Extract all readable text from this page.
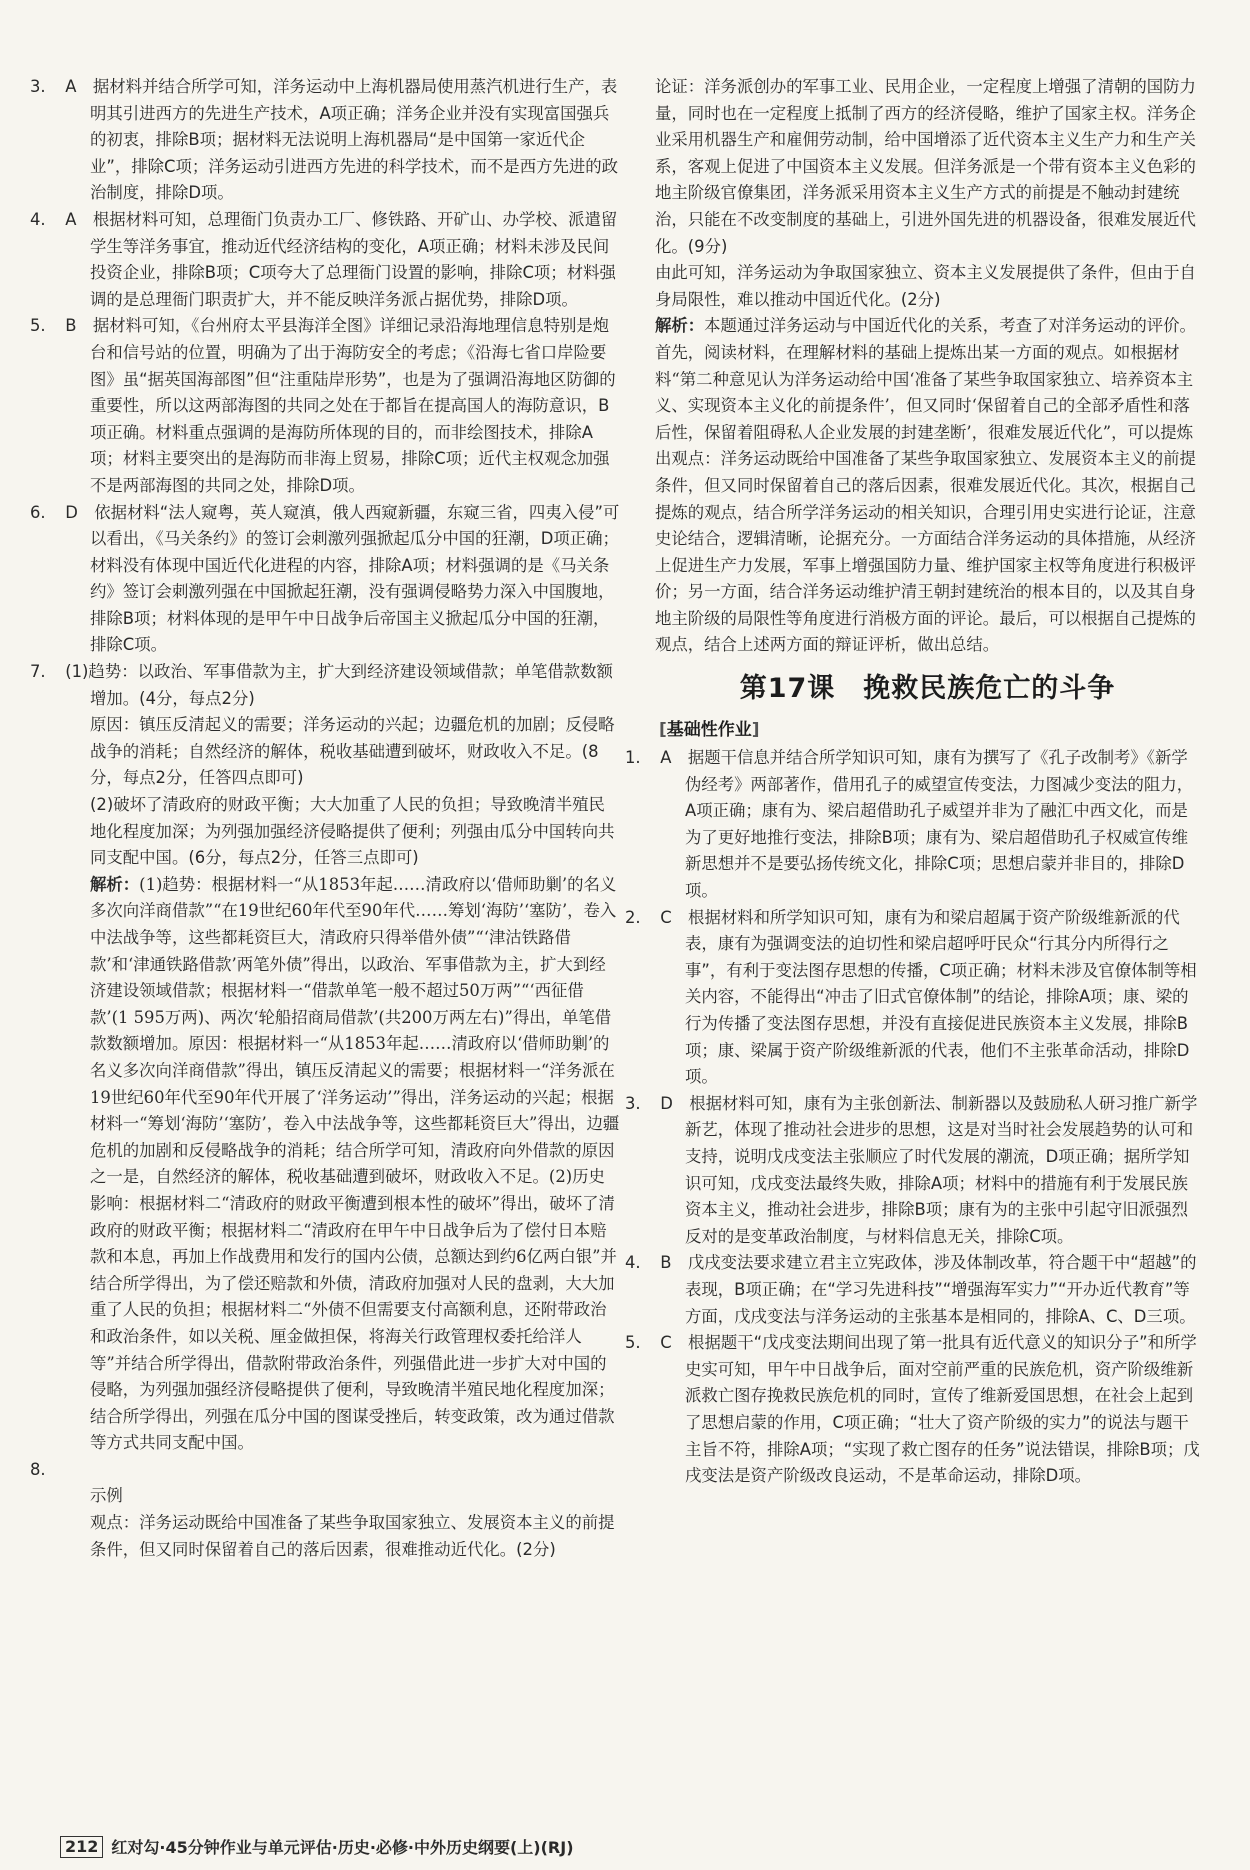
3. A　据材料并结合所学可知，洋务运动中上海机器局使用蒸汽机进行生产，表明其引进西方的先进生产技术，A项正确；洋务企业并没有实现富国强兵的初衷，排除B项；据材料无法说明上海机器局“是中国第一家近代企业”，排除C项；洋务运动引进西方先进的科学技术，而不是西方先进的政治制度，排除D项。
4. A　根据材料可知，总理衙门负责办工厂、修铁路、开矿山、办学校、派遣留学生等洋务事宜，推动近代经济结构的变化，A项正确；材料未涉及民间投资企业，排除B项；C项夸大了总理衙门设置的影响，排除C项；材料强调的是总理衙门职责扩大，并不能反映洋务派占据优势，排除D项。
5. B　据材料可知，《台州府太平县海洋全图》详细记录沿海地理信息特别是炮台和信号站的位置，明确为了出于海防安全的考虑；《沿海七省口岸险要图》虽“据英国海部图”但“注重陆岸形势”，也是为了强调沿海地区防御的重要性，所以这两部海图的共同之处在于都旨在提高国人的海防意识，B项正确。材料重点强调的是海防所体现的目的，而非绘图技术，排除A项；材料主要突出的是海防而非海上贸易，排除C项；近代主权观念加强不是两部海图的共同之处，排除D项。
6. D　依据材料“法人窥粤，英人窥滇，俄人西窥新疆，东窥三省，四夷入侵”可以看出，《马关条约》的签订会刺激列强掀起瓜分中国的狂潮，D项正确；材料没有体现中国近代化进程的内容，排除A项；材料强调的是《马关条约》签订会刺激列强在中国掀起狂潮，没有强调侵略势力深入中国腹地，排除B项；材料体现的是甲午中日战争后帝国主义掀起瓜分中国的狂潮，排除C项。

7. (1)趋势：以政治、军事借款为主，扩大到经济建设领域借款；单笔借款数额增加。(4分，每点2分)

原因：镇压反清起义的需要；洋务运动的兴起；边疆危机的加剧；反侵略战争的消耗；自然经济的解体，税收基础遭到破坏，财政收入不足。(8分，每点2分，任答四点即可)

(2)破坏了清政府的财政平衡；大大加重了人民的负担；导致晚清半殖民地化程度加深；为列强加强经济侵略提供了便利；列强由瓜分中国转向共同支配中国。(6分，每点2分，任答三点即可)

解析：(1)趋势：根据材料一“从1853年起……清政府以‘借师助剿’的名义多次向洋商借款”“在19世纪60年代至90年代……筹划‘海防’‘塞防’，卷入中法战争等，这些都耗资巨大，清政府只得举借外债”“‘津沽铁路借款’和‘津通铁路借款’两笔外债”得出，以政治、军事借款为主，扩大到经济建设领域借款；根据材料一“借款单笔一般不超过50万两”“‘西征借款’(1 595万两)、两次‘轮船招商局借款’(共200万两左右)”得出，单笔借款数额增加。原因：根据材料一“从1853年起……清政府以‘借师助剿’的名义多次向洋商借款”得出，镇压反清起义的需要；根据材料一“洋务派在19世纪60年代至90年代开展了‘洋务运动’”得出，洋务运动的兴起；根据材料一“筹划‘海防’‘塞防’，卷入中法战争等，这些都耗资巨大”得出，边疆危机的加剧和反侵略战争的消耗；结合所学可知，清政府向外借款的原因之一是，自然经济的解体，税收基础遭到破坏，财政收入不足。(2)历史影响：根据材料二“清政府的财政平衡遭到根本性的破坏”得出，破坏了清政府的财政平衡；根据材料二“清政府在甲午中日战争后为了偿付日本赔款和本息，再加上作战费用和发行的国内公债，总额达到约6亿两白银”并结合所学得出，为了偿还赔款和外债，清政府加强对人民的盘剥，大大加重了人民的负担；根据材料二“外债不但需要支付高额利息，还附带政治和政治条件，如以关税、厘金做担保，将海关行政管理权委托给洋人等”并结合所学得出，借款附带政治条件，列强借此进一步扩大对中国的侵略，为列强加强经济侵略提供了便利，导致晚清半殖民地化程度加深；结合所学得出，列强在瓜分中国的图谋受挫后，转变政策，改为通过借款等方式共同支配中国。

8.

示例

观点：洋务运动既给中国准备了某些争取国家独立、发展资本主义的前提条件，但又同时保留着自己的落后因素，很难推动近代化。(2分)

论证：洋务派创办的军事工业、民用企业，一定程度上增强了清朝的国防力量，同时也在一定程度上抵制了西方的经济侵略，维护了国家主权。洋务企业采用机器生产和雇佣劳动制，给中国增添了近代资本主义生产力和生产关系，客观上促进了中国资本主义发展。但洋务派是一个带有资本主义色彩的地主阶级官僚集团，洋务派采用资本主义生产方式的前提是不触动封建统治，只能在不改变制度的基础上，引进外国先进的机器设备，很难发展近代化。(9分)

由此可知，洋务运动为争取国家独立、资本主义发展提供了条件，但由于自身局限性，难以推动中国近代化。(2分)

解析：本题通过洋务运动与中国近代化的关系，考查了对洋务运动的评价。首先，阅读材料，在理解材料的基础上提炼出某一方面的观点。如根据材料“第二种意见认为洋务运动给中国‘准备了某些争取国家独立、培养资本主义、实现资本主义化的前提条件’，但又同时‘保留着自己的全部矛盾性和落后性，保留着阻碍私人企业发展的封建垄断’，很难发展近代化”，可以提炼出观点：洋务运动既给中国准备了某些争取国家独立、发展资本主义的前提条件，但又同时保留着自己的落后因素，很难发展近代化。其次，根据自己提炼的观点，结合所学洋务运动的相关知识，合理引用史实进行论证，注意史论结合，逻辑清晰，论据充分。一方面结合洋务运动的具体措施，从经济上促进生产力发展，军事上增强国防力量、维护国家主权等角度进行积极评价；另一方面，结合洋务运动维护清王朝封建统治的根本目的，以及其自身地主阶级的局限性等角度进行消极方面的评论。最后，可以根据自己提炼的观点，结合上述两方面的辩证评析，做出总结。

第17课　挽救民族危亡的斗争
[基础性作业]
1. A　据题干信息并结合所学知识可知，康有为撰写了《孔子改制考》《新学伪经考》两部著作，借用孔子的威望宣传变法，力图减少变法的阻力，A项正确；康有为、梁启超借助孔子威望并非为了融汇中西文化，而是为了更好地推行变法，排除B项；康有为、梁启超借助孔子权威宣传维新思想并不是要弘扬传统文化，排除C项；思想启蒙并非目的，排除D项。
2. C　根据材料和所学知识可知，康有为和梁启超属于资产阶级维新派的代表，康有为强调变法的迫切性和梁启超呼吁民众“行其分内所得行之事”，有利于变法图存思想的传播，C项正确；材料未涉及官僚体制等相关内容，不能得出“冲击了旧式官僚体制”的结论，排除A项；康、梁的行为传播了变法图存思想，并没有直接促进民族资本主义发展，排除B项；康、梁属于资产阶级维新派的代表，他们不主张革命活动，排除D项。
3. D　根据材料可知，康有为主张创新法、制新器以及鼓励私人研习推广新学新艺，体现了推动社会进步的思想，这是对当时社会发展趋势的认可和支持，说明戊戌变法主张顺应了时代发展的潮流，D项正确；据所学知识可知，戊戌变法最终失败，排除A项；材料中的措施有利于发展民族资本主义，推动社会进步，排除B项；康有为的主张中引起守旧派强烈反对的是变革政治制度，与材料信息无关，排除C项。
4. B　戊戌变法要求建立君主立宪政体，涉及体制改革，符合题干中“超越”的表现，B项正确；在“学习先进科技”“增强海军实力”“开办近代教育”等方面，戊戌变法与洋务运动的主张基本是相同的，排除A、C、D三项。
5. C　根据题干“戊戌变法期间出现了第一批具有近代意义的知识分子”和所学史实可知，甲午中日战争后，面对空前严重的民族危机，资产阶级维新派救亡图存挽救民族危机的同时，宣传了维新爱国思想，在社会上起到了思想启蒙的作用，C项正确；“壮大了资产阶级的实力”的说法与题干主旨不符，排除A项；“实现了救亡图存的任务”说法错误，排除B项；戊戌变法是资产阶级改良运动，不是革命运动，排除D项。
212 红对勾·45分钟作业与单元评估·历史·必修·中外历史纲要(上)(RJ)
